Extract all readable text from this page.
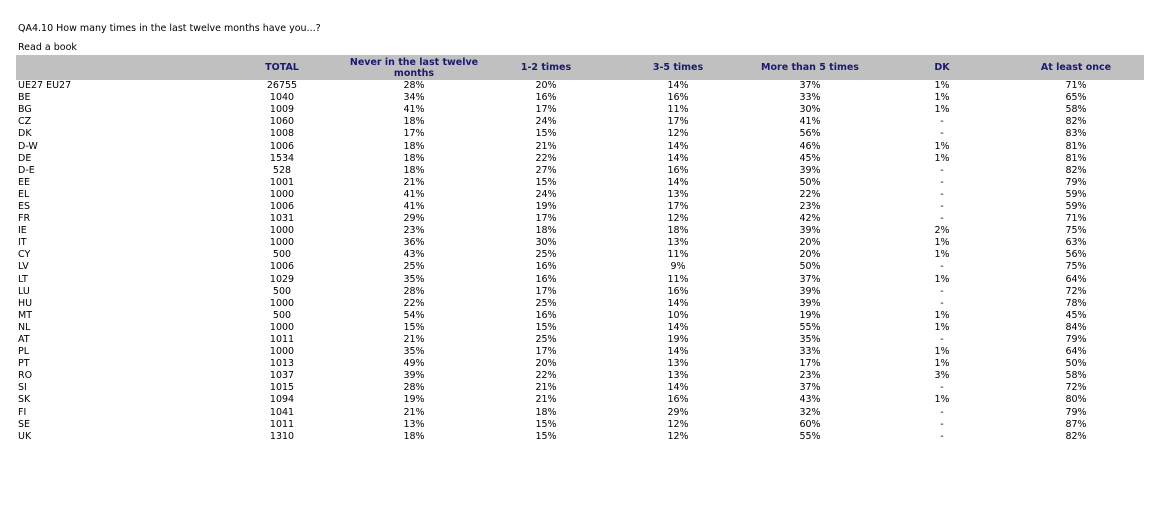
QA4.10 How many times in the last twelve months have you...?
Read a book
	TOTAL	Never in the last twelve months	1-2 times	3-5 times	More than 5 times	DK	At least once
UE27 EU27	26755	28%	20%	14%	37%	1%	71%
BE	1040	34%	16%	16%	33%	1%	65%
BG	1009	41%	17%	11%	30%	1%	58%
CZ	1060	18%	24%	17%	41%	-	82%
DK	1008	17%	15%	12%	56%	-	83%
D-W	1006	18%	21%	14%	46%	1%	81%
DE	1534	18%	22%	14%	45%	1%	81%
D-E	528	18%	27%	16%	39%	-	82%
EE	1001	21%	15%	14%	50%	-	79%
EL	1000	41%	24%	13%	22%	-	59%
ES	1006	41%	19%	17%	23%	-	59%
FR	1031	29%	17%	12%	42%	-	71%
IE	1000	23%	18%	18%	39%	2%	75%
IT	1000	36%	30%	13%	20%	1%	63%
CY	500	43%	25%	11%	20%	1%	56%
LV	1006	25%	16%	9%	50%	-	75%
LT	1029	35%	16%	11%	37%	1%	64%
LU	500	28%	17%	16%	39%	-	72%
HU	1000	22%	25%	14%	39%	-	78%
MT	500	54%	16%	10%	19%	1%	45%
NL	1000	15%	15%	14%	55%	1%	84%
AT	1011	21%	25%	19%	35%	-	79%
PL	1000	35%	17%	14%	33%	1%	64%
PT	1013	49%	20%	13%	17%	1%	50%
RO	1037	39%	22%	13%	23%	3%	58%
SI	1015	28%	21%	14%	37%	-	72%
SK	1094	19%	21%	16%	43%	1%	80%
FI	1041	21%	18%	29%	32%	-	79%
SE	1011	13%	15%	12%	60%	-	87%
UK	1310	18%	15%	12%	55%	-	82%
